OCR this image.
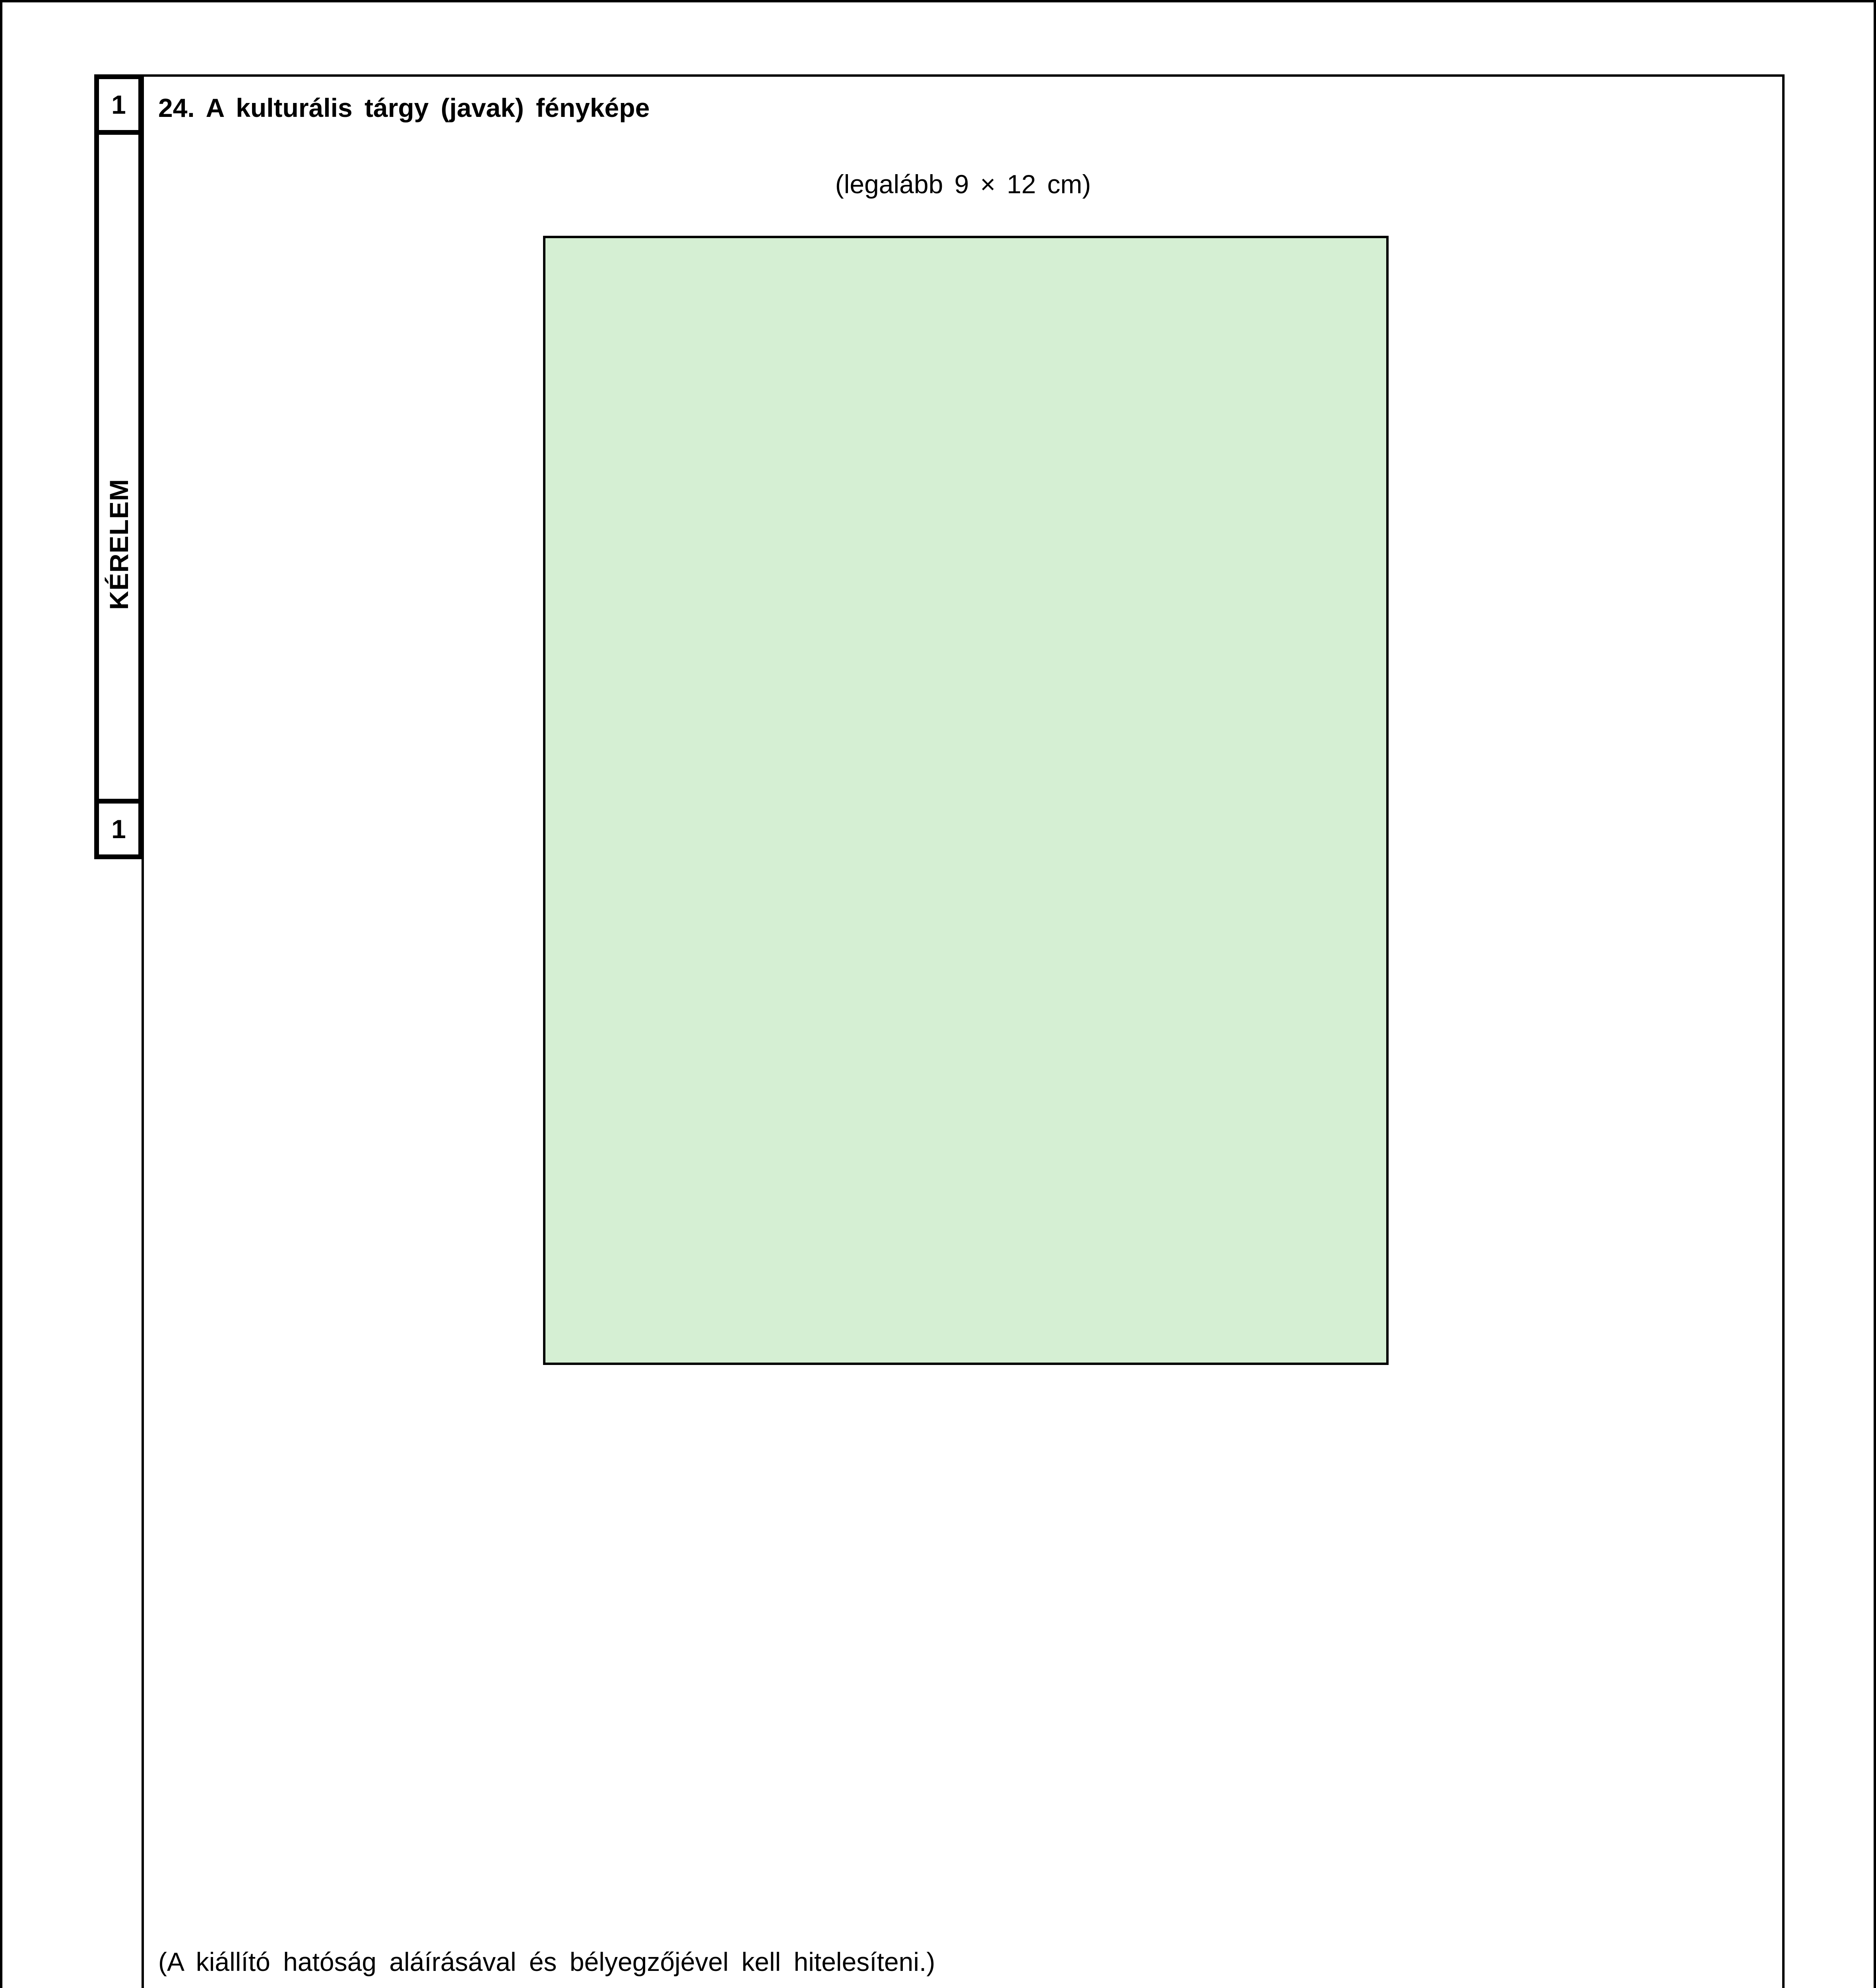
1
KÉRELEM
1
24. A kulturális tárgy (javak) fényképe
(legalább 9 × 12 cm)
(A kiállító hatóság aláírásával és bélyegzőjével kell hitelesíteni.)
